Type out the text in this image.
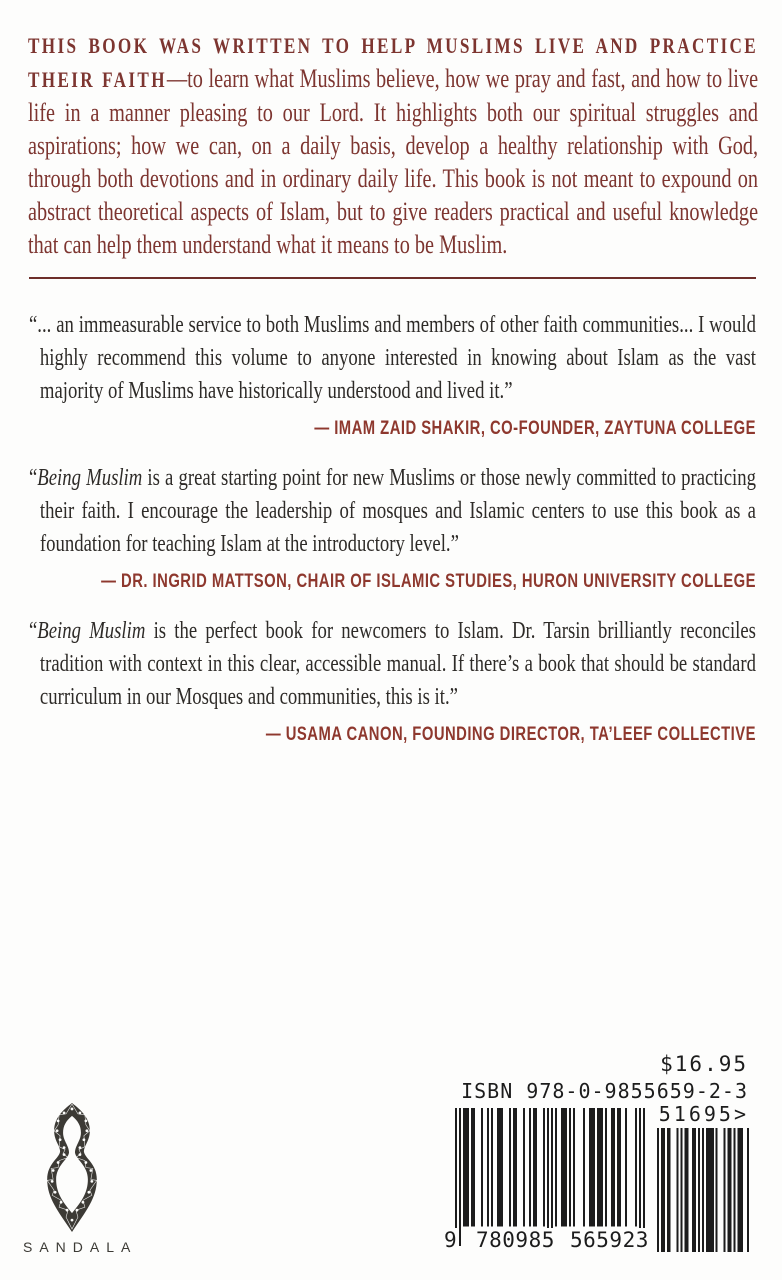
THIS BOOK WAS WRITTEN TO HELP MUSLIMS LIVE AND PRACTICE THEIR FAITH—to learn what Muslims believe, how we pray and fast, and how to live life in a manner pleasing to our Lord. It highlights both our spiritual struggles and aspirations; how we can, on a daily basis, develop a healthy relationship with God, through both devotions and in ordinary daily life. This book is not meant to expound on abstract theoretical aspects of Islam, but to give readers practical and useful knowledge that can help them understand what it means to be Muslim.

“... an immeasurable service to both Muslims and members of other faith communities... I would highly recommend this volume to anyone interested in knowing about Islam as the vast majority of Muslims have historically understood and lived it.”
— IMAM ZAID SHAKIR, CO-FOUNDER, ZAYTUNA COLLEGE
“Being Muslim is a great starting point for new Muslims or those newly committed to practicing their faith. I encourage the leadership of mosques and Islamic centers to use this book as a foundation for teaching Islam at the introductory level.”
— DR. INGRID MATTSON, CHAIR OF ISLAMIC STUDIES, HURON UNIVERSITY COLLEGE
“Being Muslim is the perfect book for newcomers to Islam. Dr. Tarsin brilliantly reconciles tradition with context in this clear, accessible manual. If there’s a book that should be standard curriculum in our Mosques and communities, this is it.”
— USAMA CANON, FOUNDING DIRECTOR, TA’LEEF COLLECTIVE
SANDALA
$16.95
ISBN 978-0-9855659-2-3
51695>
9 780985 565923
